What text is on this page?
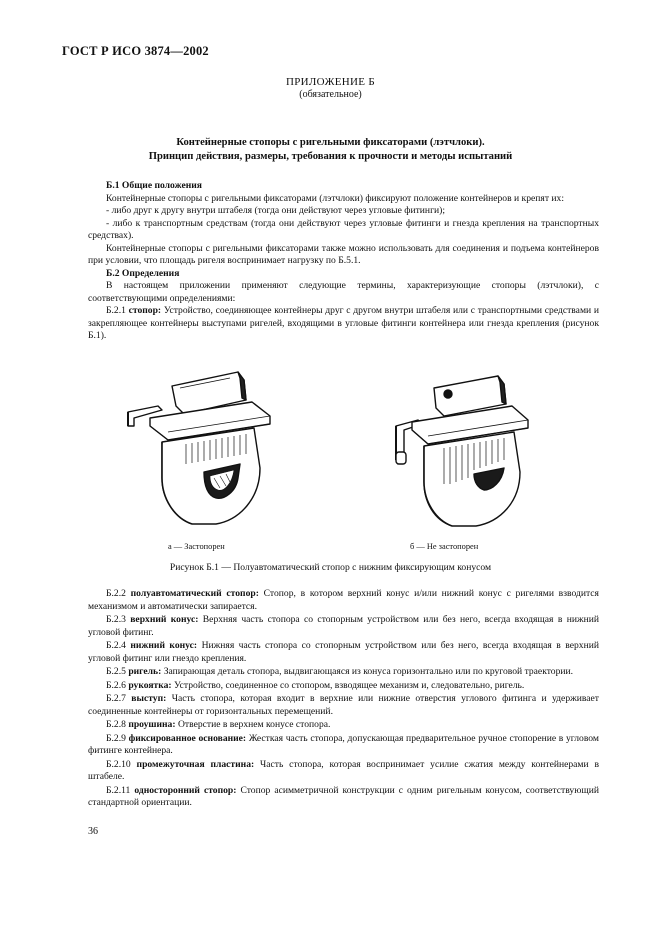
ГОСТ Р ИСО 3874—2002
ПРИЛОЖЕНИЕ Б
(обязательное)
Контейнерные стопоры с ригельными фиксаторами (лэтчлоки).
Принцип действия, размеры, требования к прочности и методы испытаний

Б.1 Общие положения

Контейнерные стопоры с ригельными фиксаторами (лэтчлоки) фиксируют положение контейнеров и крепят их:

- либо друг к другу внутри штабеля (тогда они действуют через угловые фитинги);

- либо к транспортным средствам (тогда они действуют через угловые фитинги и гнезда крепления на транспортных средствах).

Контейнерные стопоры с ригельными фиксаторами также можно использовать для соединения и подъема контейнеров при условии, что площадь ригеля воспринимает нагрузку по Б.5.1.

Б.2 Определения

В настоящем приложении применяют следующие термины, характеризующие стопоры (лэтчлоки), с соответствующими определениями:

Б.2.1 стопор: Устройство, соединяющее контейнеры друг с другом внутри штабеля или с транспортными средствами и закрепляющее контейнеры выступами ригелей, входящими в угловые фитинги контейнера или гнезда крепления (рисунок Б.1).

а — Застопорен	б — Не застопорен
Рисунок Б.1 — Полуавтоматический стопор с нижним фиксирующим конусом

Б.2.2 полуавтоматический стопор: Стопор, в котором верхний конус и/или нижний конус с ригелями взводится механизмом и автоматически запирается.

Б.2.3 верхний конус: Верхняя часть стопора со стопорным устройством или без него, всегда входящая в нижний угловой фитинг.

Б.2.4 нижний конус: Нижняя часть стопора со стопорным устройством или без него, всегда входящая в верхний угловой фитинг или гнездо крепления.

Б.2.5 ригель: Запирающая деталь стопора, выдвигающаяся из конуса горизонтально или по круговой траектории.

Б.2.6 рукоятка: Устройство, соединенное со стопором, взводящее механизм и, следовательно, ригель.

Б.2.7 выступ: Часть стопора, которая входит в верхние или нижние отверстия углового фитинга и удерживает соединенные контейнеры от горизонтальных перемещений.

Б.2.8 проушина: Отверстие в верхнем конусе стопора.

Б.2.9 фиксированное основание: Жесткая часть стопора, допускающая предварительное ручное стопорение в угловом фитинге контейнера.

Б.2.10 промежуточная пластина: Часть стопора, которая воспринимает усилие сжатия между контейнерами в штабеле.

Б.2.11 односторонний стопор: Стопор асимметричной конструкции с одним ригельным конусом, соответствующий стандартной ориентации.

36
